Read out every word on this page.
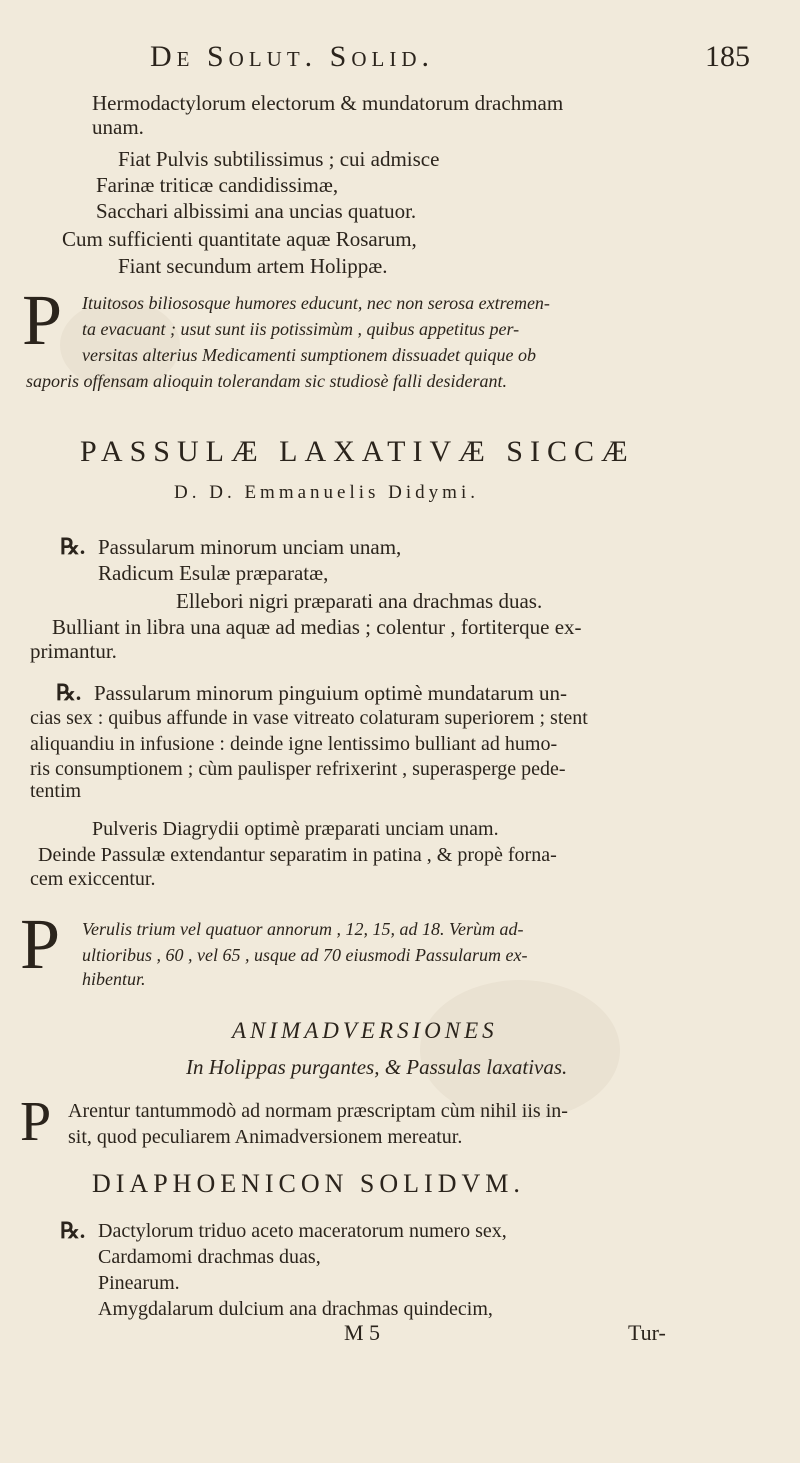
De Solut. Solid.	185
Hermodactylorum electorum & mundatorum drachmam
unam.
Fiat Pulvis subtilissimus ; cui admisce
Farinæ triticæ candidissimæ,
Sacchari albissimi ana uncias quatuor.
Cum sufficienti quantitate aquæ Rosarum,
Fiant secundum artem Holippæ.
P Ituitosos biliososque humores educunt, nec non serosa extremen-
ta evacuant ; usut sunt iis potissimùm , quibus appetitus per-
versitas alterius Medicamenti sumptionem dissuadet quique ob
saporis offensam alioquin tolerandam sic studiosè falli desiderant.
PASSULÆ LAXATIVÆ SICCÆ
D. D. Emmanuelis Didymi.
℞. Passularum minorum unciam unam,
Radicum Esulæ præparatæ,
Ellebori nigri præparati ana drachmas duas.
Bulliant in libra una aquæ ad medias ; colentur , fortiterque ex-
primantur.
℞. Passularum minorum pinguium optimè mundatarum un-
cias sex : quibus affunde in vase vitreato colaturam superiorem ; stent
aliquandiu in infusione : deinde igne lentissimo bulliant ad humo-
ris consumptionem ; cùm paulisper refrixerint , superasperge pede-
tentim
Pulveris Diagrydii optimè præparati unciam unam.
Deinde Passulæ extendantur separatim in patina , & propè forna-
cem exiccentur.
P Verulis trium vel quatuor annorum , 12, 15, ad 18. Verùm ad-
ultioribus , 60 , vel 65 , usque ad 70 eiusmodi Passularum ex-
hibentur.
ANIMADVERSIONES
In Holippas purgantes, & Passulas laxativas.
P Arentur tantummodò ad normam præscriptam cùm nihil iis in-
sit, quod peculiarem Animadversionem mereatur.
DIAPHOENICON SOLIDVM.
℞. Dactylorum triduo aceto maceratorum numero sex,
Cardamomi drachmas duas,
Pinearum.
Amygdalarum dulcium ana drachmas quindecim,
M 5	Tur-
